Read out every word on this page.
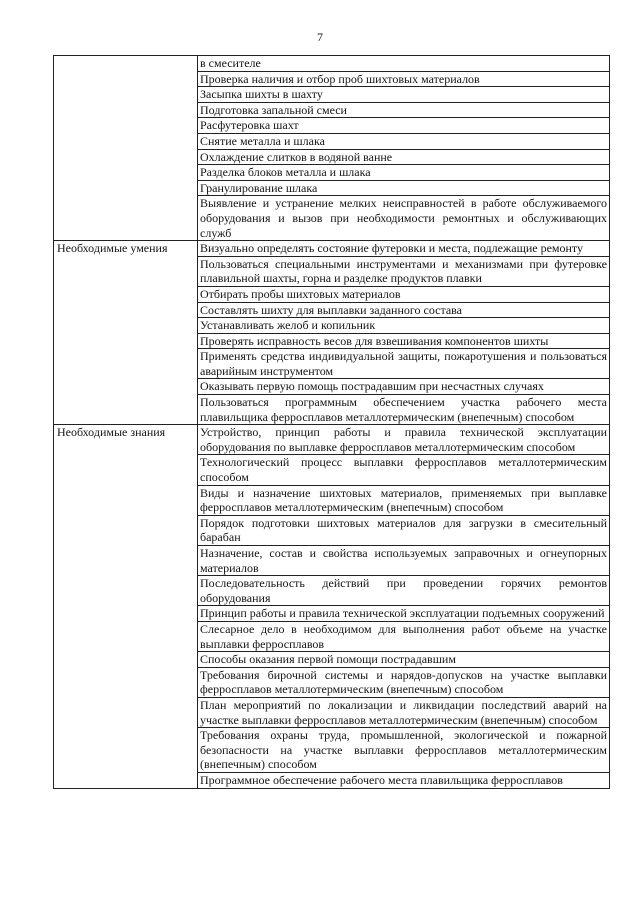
7
	в смесителе
	Проверка наличия и отбор проб шихтовых материалов
	Засыпка шихты в шахту
	Подготовка запальной смеси
	Расфутеровка шахт
	Снятие металла и шлака
	Охлаждение слитков в водяной ванне
	Разделка блоков металла и шлака
	Гранулирование шлака
	Выявление и устранение мелких неисправностей в работе обслуживаемого оборудования и вызов при необходимости ремонтных и обслуживающих служб
Необходимые умения	Визуально определять состояние футеровки и места, подлежащие ремонту
	Пользоваться специальными инструментами и механизмами при футеровке плавильной шахты, горна и разделке продуктов плавки
	Отбирать пробы шихтовых материалов
	Составлять шихту для выплавки заданного состава
	Устанавливать желоб и копильник
	Проверять исправность весов для взвешивания компонентов шихты
	Применять средства индивидуальной защиты, пожаротушения и пользоваться аварийным инструментом
	Оказывать первую помощь пострадавшим при несчастных случаях
	Пользоваться программным обеспечением участка рабочего места плавильщика ферросплавов металлотермическим (внепечным) способом
Необходимые знания	Устройство, принцип работы и правила технической эксплуатации оборудования по выплавке ферросплавов металлотермическим способом
	Технологический процесс выплавки ферросплавов металлотермическим способом
	Виды и назначение шихтовых материалов, применяемых при выплавке ферросплавов металлотермическим (внепечным) способом
	Порядок подготовки шихтовых материалов для загрузки в смесительный барабан
	Назначение, состав и свойства используемых заправочных и огнеупорных материалов
	Последовательность действий при проведении горячих ремонтов оборудования
	Принцип работы и правила технической эксплуатации подъемных сооружений
	Слесарное дело в необходимом для выполнения работ объеме на участке выплавки ферросплавов
	Способы оказания первой помощи пострадавшим
	Требования бирочной системы и нарядов-допусков на участке выплавки ферросплавов металлотермическим (внепечным) способом
	План мероприятий по локализации и ликвидации последствий аварий на участке выплавки ферросплавов металлотермическим (внепечным) способом
	Требования охраны труда, промышленной, экологической и пожарной безопасности на участке выплавки ферросплавов металлотермическим (внепечным) способом
	Программное обеспечение рабочего места плавильщика ферросплавов
